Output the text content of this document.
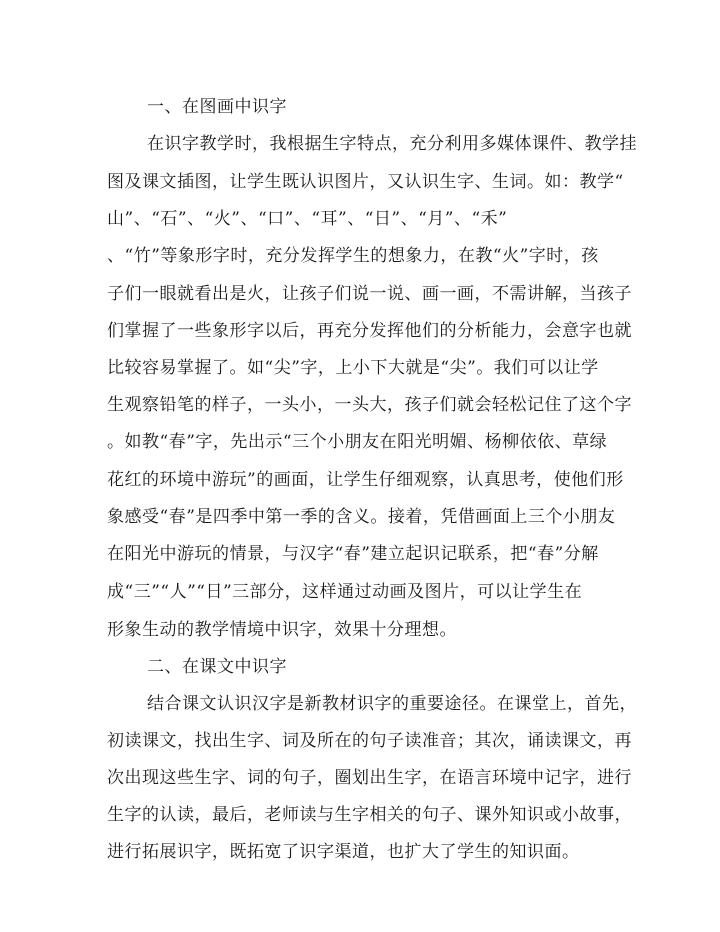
一、在图画中识字
在识字教学时，我根据生字特点，充分利用多媒体课件、教学挂
图及课文插图，让学生既认识图片，又认识生字、生词。如：教学“
山”、“石”、“火”、“口”、“耳”、“日”、“月”、“禾”
、“竹”等象形字时，充分发挥学生的想象力，在教“火”字时，孩
子们一眼就看出是火，让孩子们说一说、画一画，不需讲解，当孩子
们掌握了一些象形字以后，再充分发挥他们的分析能力，会意字也就
比较容易掌握了。如“尖”字，上小下大就是“尖”。我们可以让学
生观察铅笔的样子，一头小，一头大，孩子们就会轻松记住了这个字
。如教“春”字，先出示“三个小朋友在阳光明媚、杨柳依依、草绿
花红的环境中游玩”的画面，让学生仔细观察，认真思考，使他们形
象感受“春”是四季中第一季的含义。接着，凭借画面上三个小朋友
在阳光中游玩的情景，与汉字“春”建立起识记联系，把“春”分解
成“三”“人”“日”三部分，这样通过动画及图片，可以让学生在
形象生动的教学情境中识字，效果十分理想。
二、在课文中识字
结合课文认识汉字是新教材识字的重要途径。在课堂上，首先，
初读课文，找出生字、词及所在的句子读准音；其次，诵读课文，再
次出现这些生字、词的句子，圈划出生字，在语言环境中记字，进行
生字的认读，最后，老师读与生字相关的句子、课外知识或小故事，
进行拓展识字，既拓宽了识字渠道，也扩大了学生的知识面。
